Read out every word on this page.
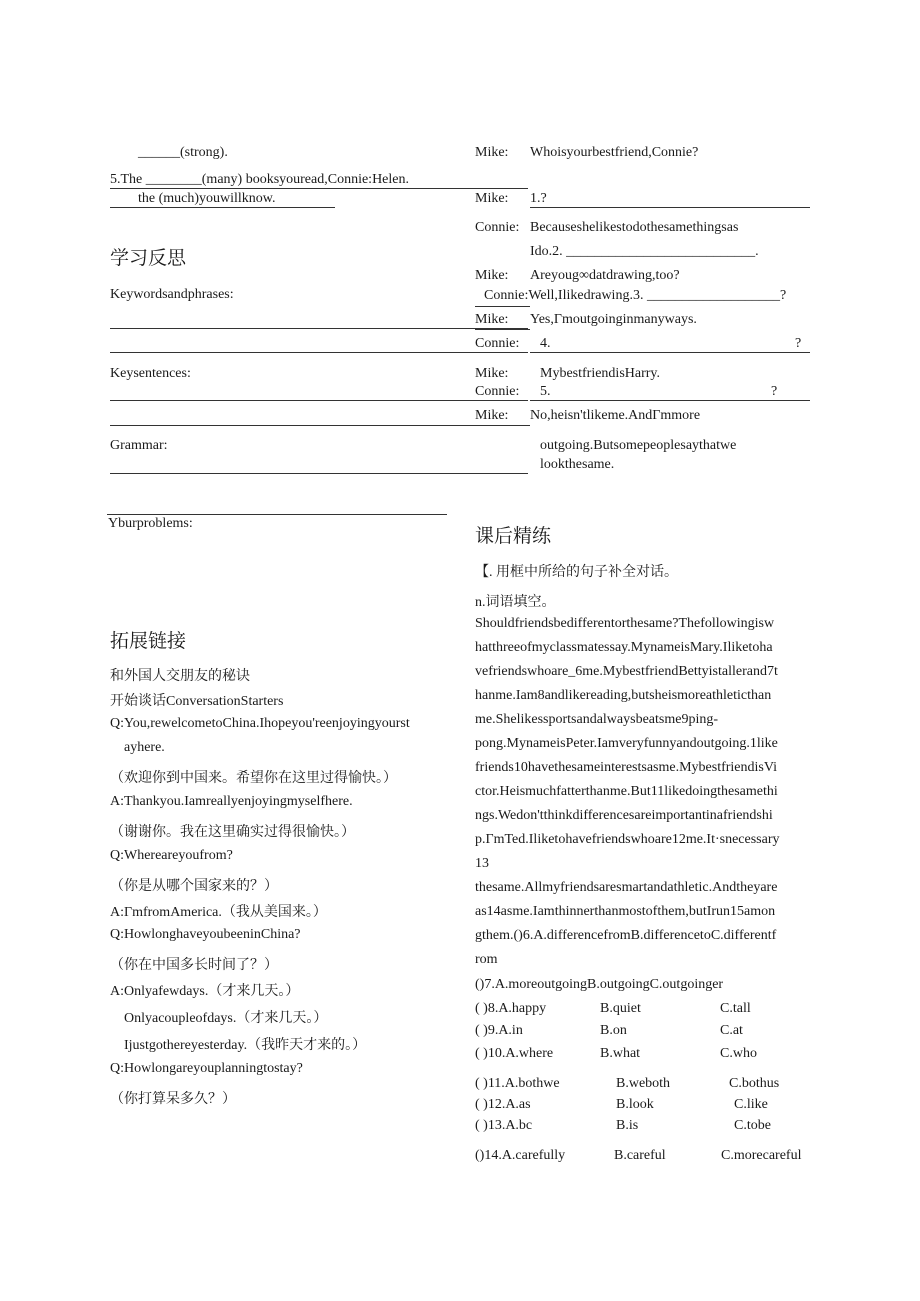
______(strong).
5.The ________(many) booksyouread,Connie:Helen.
the (much)youwillknow.
学习反思
Keywordsandphrases:
Keysentences:
Grammar:
Yburproblems:
拓展链接
和外国人交朋友的秘诀
开始谈话ConversationStarters
Q:You,rewelcometoChina.Ihopeyou'reenjoyingyourst
ayhere.
（欢迎你到中国来。希望你在这里过得愉快。）
A:Thankyou.Iamreallyenjoyingmyselfhere.
（谢谢你。我在这里确实过得很愉快。）
Q:Whereareyoufrom?
（你是从哪个国家来的？）
A:ΓmfromAmerica.（我从美国来。）
Q:HowlonghaveyoubeeninChina?
（你在中国多长时间了？）
A:Onlyafewdays.（才来几天。）
Onlyacoupleofdays.（才来几天。）
Ijustgothereyesterday.（我昨天才来的。）
Q:Howlongareyouplanningtostay?
（你打算呆多久？）
Mike: Whoisyourbestfriend,Connie?
Mike: 1.?
Connie: Becauseshelikestodothesamethingsas
Ido.2. ___________________________.
Mike: Areyoug∞datdrawing,too?
Connie:Well,Ilikedrawing.3. ___________________?
Mike: Yes,Γmoutgoinginmanyways.
Connie: 4.	?
Mike: MybestfriendisHarry.
Connie: 5.	?
Mike: No,heisn'tlikeme.AndΓmmore
outgoing.Butsomepeoplesaythatwe
lookthesame.
课后精练
【. 用框中所给的句子补全对话。
n.词语填空。
Shouldfriendsbedifferentorthesame?Thefollowingisw
hatthreeofmyclassmatessay.MynameisMary.Iliketoha
vefriendswhoare_6me.MybestfriendBettyistallerand7t
hanme.Iam8andlikereading,butsheismoreathleticthan
me.Shelikessportsandalwaysbeatsme9ping-
pong.MynameisPeter.Iamveryfunnyandoutgoing.1like
friends10havethesameinterestsasme.MybestfriendisVi
ctor.Heismuchfatterthanme.But11likedoingthesamethi
ngs.Wedon'tthinkdifferencesareimportantinafriendshi
p.ΓmTed.Iliketohavefriendswhoare12me.It·snecessary
13
thesame.Allmyfriendsaresmartandathletic.Andtheyare
as14asme.Iamthinnerthanmostofthem,butIrun15amon
gthem.()6.A.differencefromB.differencetoC.differentf
rom
()7.A.moreoutgoingB.outgoingC.outgoinger
( )8.A.happy	B.quiet	C.tall
( )9.A.in	B.on	C.at
( )10.A.where	B.what	C.who
( )11.A.bothwe	B.weboth	C.bothus
( )12.A.as	B.look	C.like
( )13.A.bc	B.is	C.tobe
()14.A.carefully	B.careful	C.morecareful
